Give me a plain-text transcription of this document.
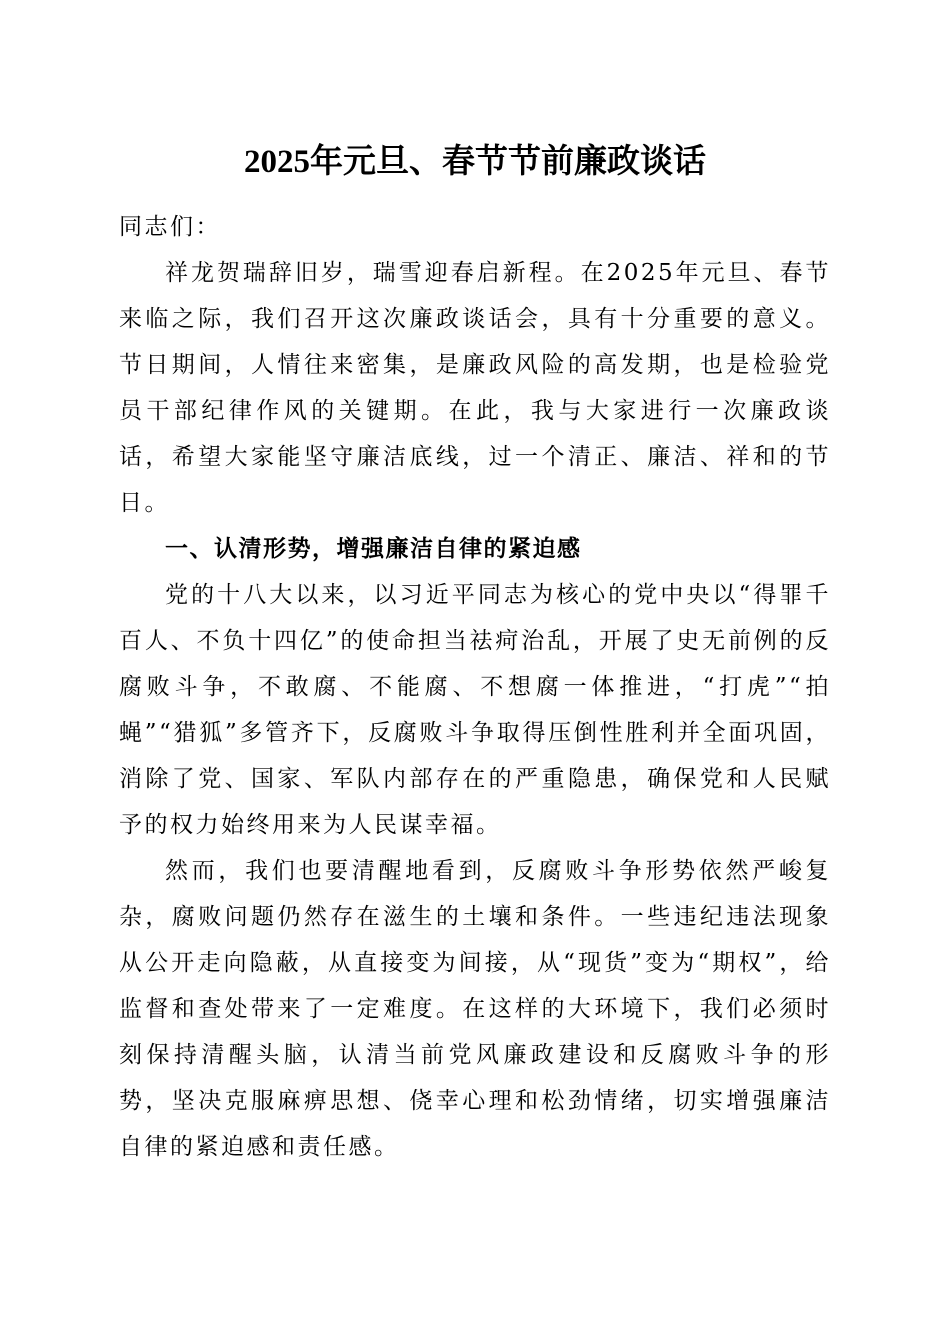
2025年元旦、春节节前廉政谈话

同志们：

祥龙贺瑞辞旧岁，瑞雪迎春启新程。在2025年元旦、春节来临之际，我们召开这次廉政谈话会，具有十分重要的意义。节日期间，人情往来密集，是廉政风险的高发期，也是检验党员干部纪律作风的关键期。在此，我与大家进行一次廉政谈话，希望大家能坚守廉洁底线，过一个清正、廉洁、祥和的节日。

一、认清形势，增强廉洁自律的紧迫感

党的十八大以来，以习近平同志为核心的党中央以“得罪千百人、不负十四亿”的使命担当祛疴治乱，开展了史无前例的反腐败斗争，不敢腐、不能腐、不想腐一体推进，“打虎”“拍蝇”“猎狐”多管齐下，反腐败斗争取得压倒性胜利并全面巩固，消除了党、国家、军队内部存在的严重隐患，确保党和人民赋予的权力始终用来为人民谋幸福。

然而，我们也要清醒地看到，反腐败斗争形势依然严峻复杂，腐败问题仍然存在滋生的土壤和条件。一些违纪违法现象从公开走向隐蔽，从直接变为间接，从“现货”变为“期权”，给监督和查处带来了一定难度。在这样的大环境下，我们必须时刻保持清醒头脑，认清当前党风廉政建设和反腐败斗争的形势，坚决克服麻痹思想、侥幸心理和松劲情绪，切实增强廉洁自律的紧迫感和责任感。
